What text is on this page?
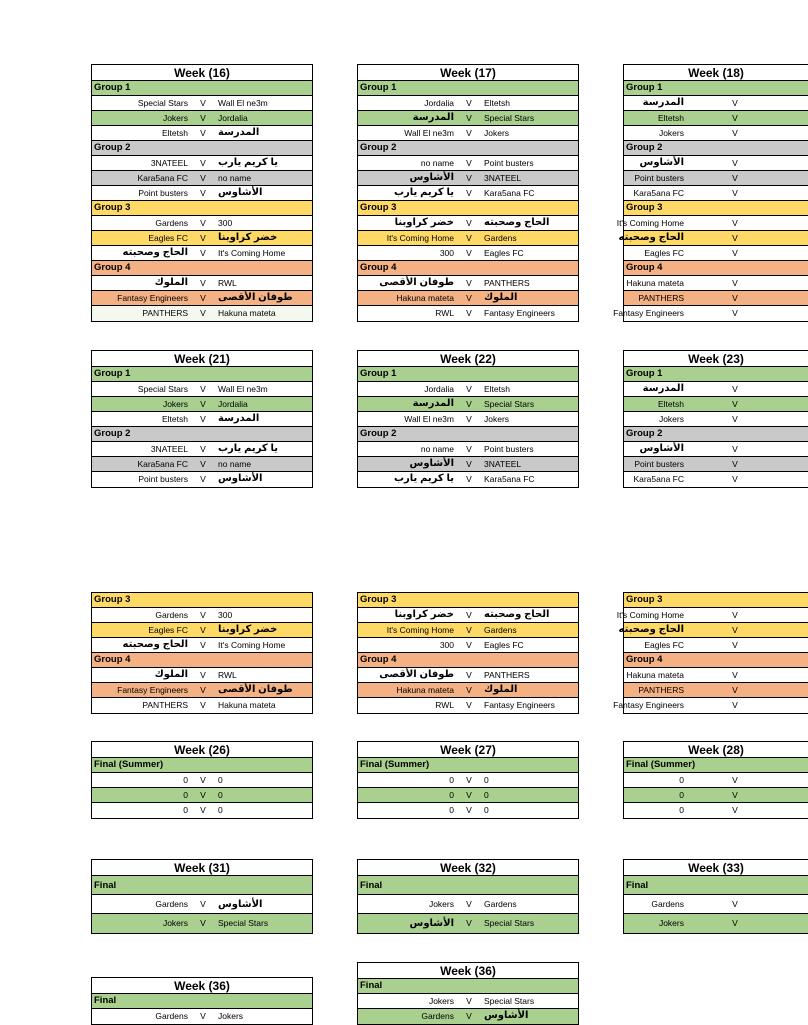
Week (16)
Group 1
Special Stars	V	Wall El ne3m
Jokers	V	Jordalia
Eltetsh	V	المدرسة
Group 2
3NATEEL	V	يا كريم يارب
Kara5ana FC	V	no name
Point busters	V	الأشاوس
Group 3
Gardens	V	300
Eagles FC	V	خضر كراوبنا
الحاج وصحبته	V	It's Coming Home
Group 4
الملوك	V	RWL
Fantasy Engineers	V	طوفان الأقصى
PANTHERS	V	Hakuna mateta
Week (17)
Group 1
Jordalia	V	Eltetsh
المدرسة	V	Special Stars
Wall El ne3m	V	Jokers
Group 2
no name	V	Point busters
الأشاوس	V	3NATEEL
يا كريم يارب	V	Kara5ana FC
Group 3
خضر كراوبنا	V	الحاج وصحبته
It's Coming Home	V	Gardens
300	V	Eagles FC
Group 4
طوفان الأقصى	V	PANTHERS
Hakuna mateta	V	الملوك
RWL	V	Fantasy Engineers
Week (18)
Group 1
المدرسة	V
Eltetsh	V
Jokers	V
Group 2
الأشاوس	V
Point busters	V
Kara5ana FC	V
Group 3
It's Coming Home	V
الحاج وصحبته	V
Eagles FC	V
Group 4
Hakuna mateta	V
PANTHERS	V
Fantasy Engineers	V
Week (21)
Group 1
Special Stars	V	Wall El ne3m
Jokers	V	Jordalia
Eltetsh	V	المدرسة
Group 2
3NATEEL	V	يا كريم يارب
Kara5ana FC	V	no name
Point busters	V	الأشاوس
Week (22)
Group 1
Jordalia	V	Eltetsh
المدرسة	V	Special Stars
Wall El ne3m	V	Jokers
Group 2
no name	V	Point busters
الأشاوس	V	3NATEEL
يا كريم يارب	V	Kara5ana FC
Week (23)
Group 1
المدرسة	V
Eltetsh	V
Jokers	V
Group 2
الأشاوس	V
Point busters	V
Kara5ana FC	V
Group 3
Gardens	V	300
Eagles FC	V	خضر كراوبنا
الحاج وصحبته	V	It's Coming Home
Group 4
الملوك	V	RWL
Fantasy Engineers	V	طوفان الأقصى
PANTHERS	V	Hakuna mateta
Group 3
خضر كراوبنا	V	الحاج وصحبته
It's Coming Home	V	Gardens
300	V	Eagles FC
Group 4
طوفان الأقصى	V	PANTHERS
Hakuna mateta	V	الملوك
RWL	V	Fantasy Engineers
Group 3
It's Coming Home	V
الحاج وصحبته	V
Eagles FC	V
Group 4
Hakuna mateta	V
PANTHERS	V
Fantasy Engineers	V
Week (26)
Final (Summer)
0	V	0
0	V	0
0	V	0
Week (27)
Final (Summer)
0	V	0
0	V	0
0	V	0
Week (28)
Final (Summer)
0	V
0	V
0	V
Week (31)
Final
Gardens	V	الأشاوس
Jokers	V	Special Stars
Week (32)
Final
Jokers	V	Gardens
الأشاوس	V	Special Stars
Week (33)
Final
Gardens	V
Jokers	V
Week (36)
Final
Gardens	V	Jokers
Week (36)
Final
Jokers	V	Special Stars
Gardens	V	الأشاوس
